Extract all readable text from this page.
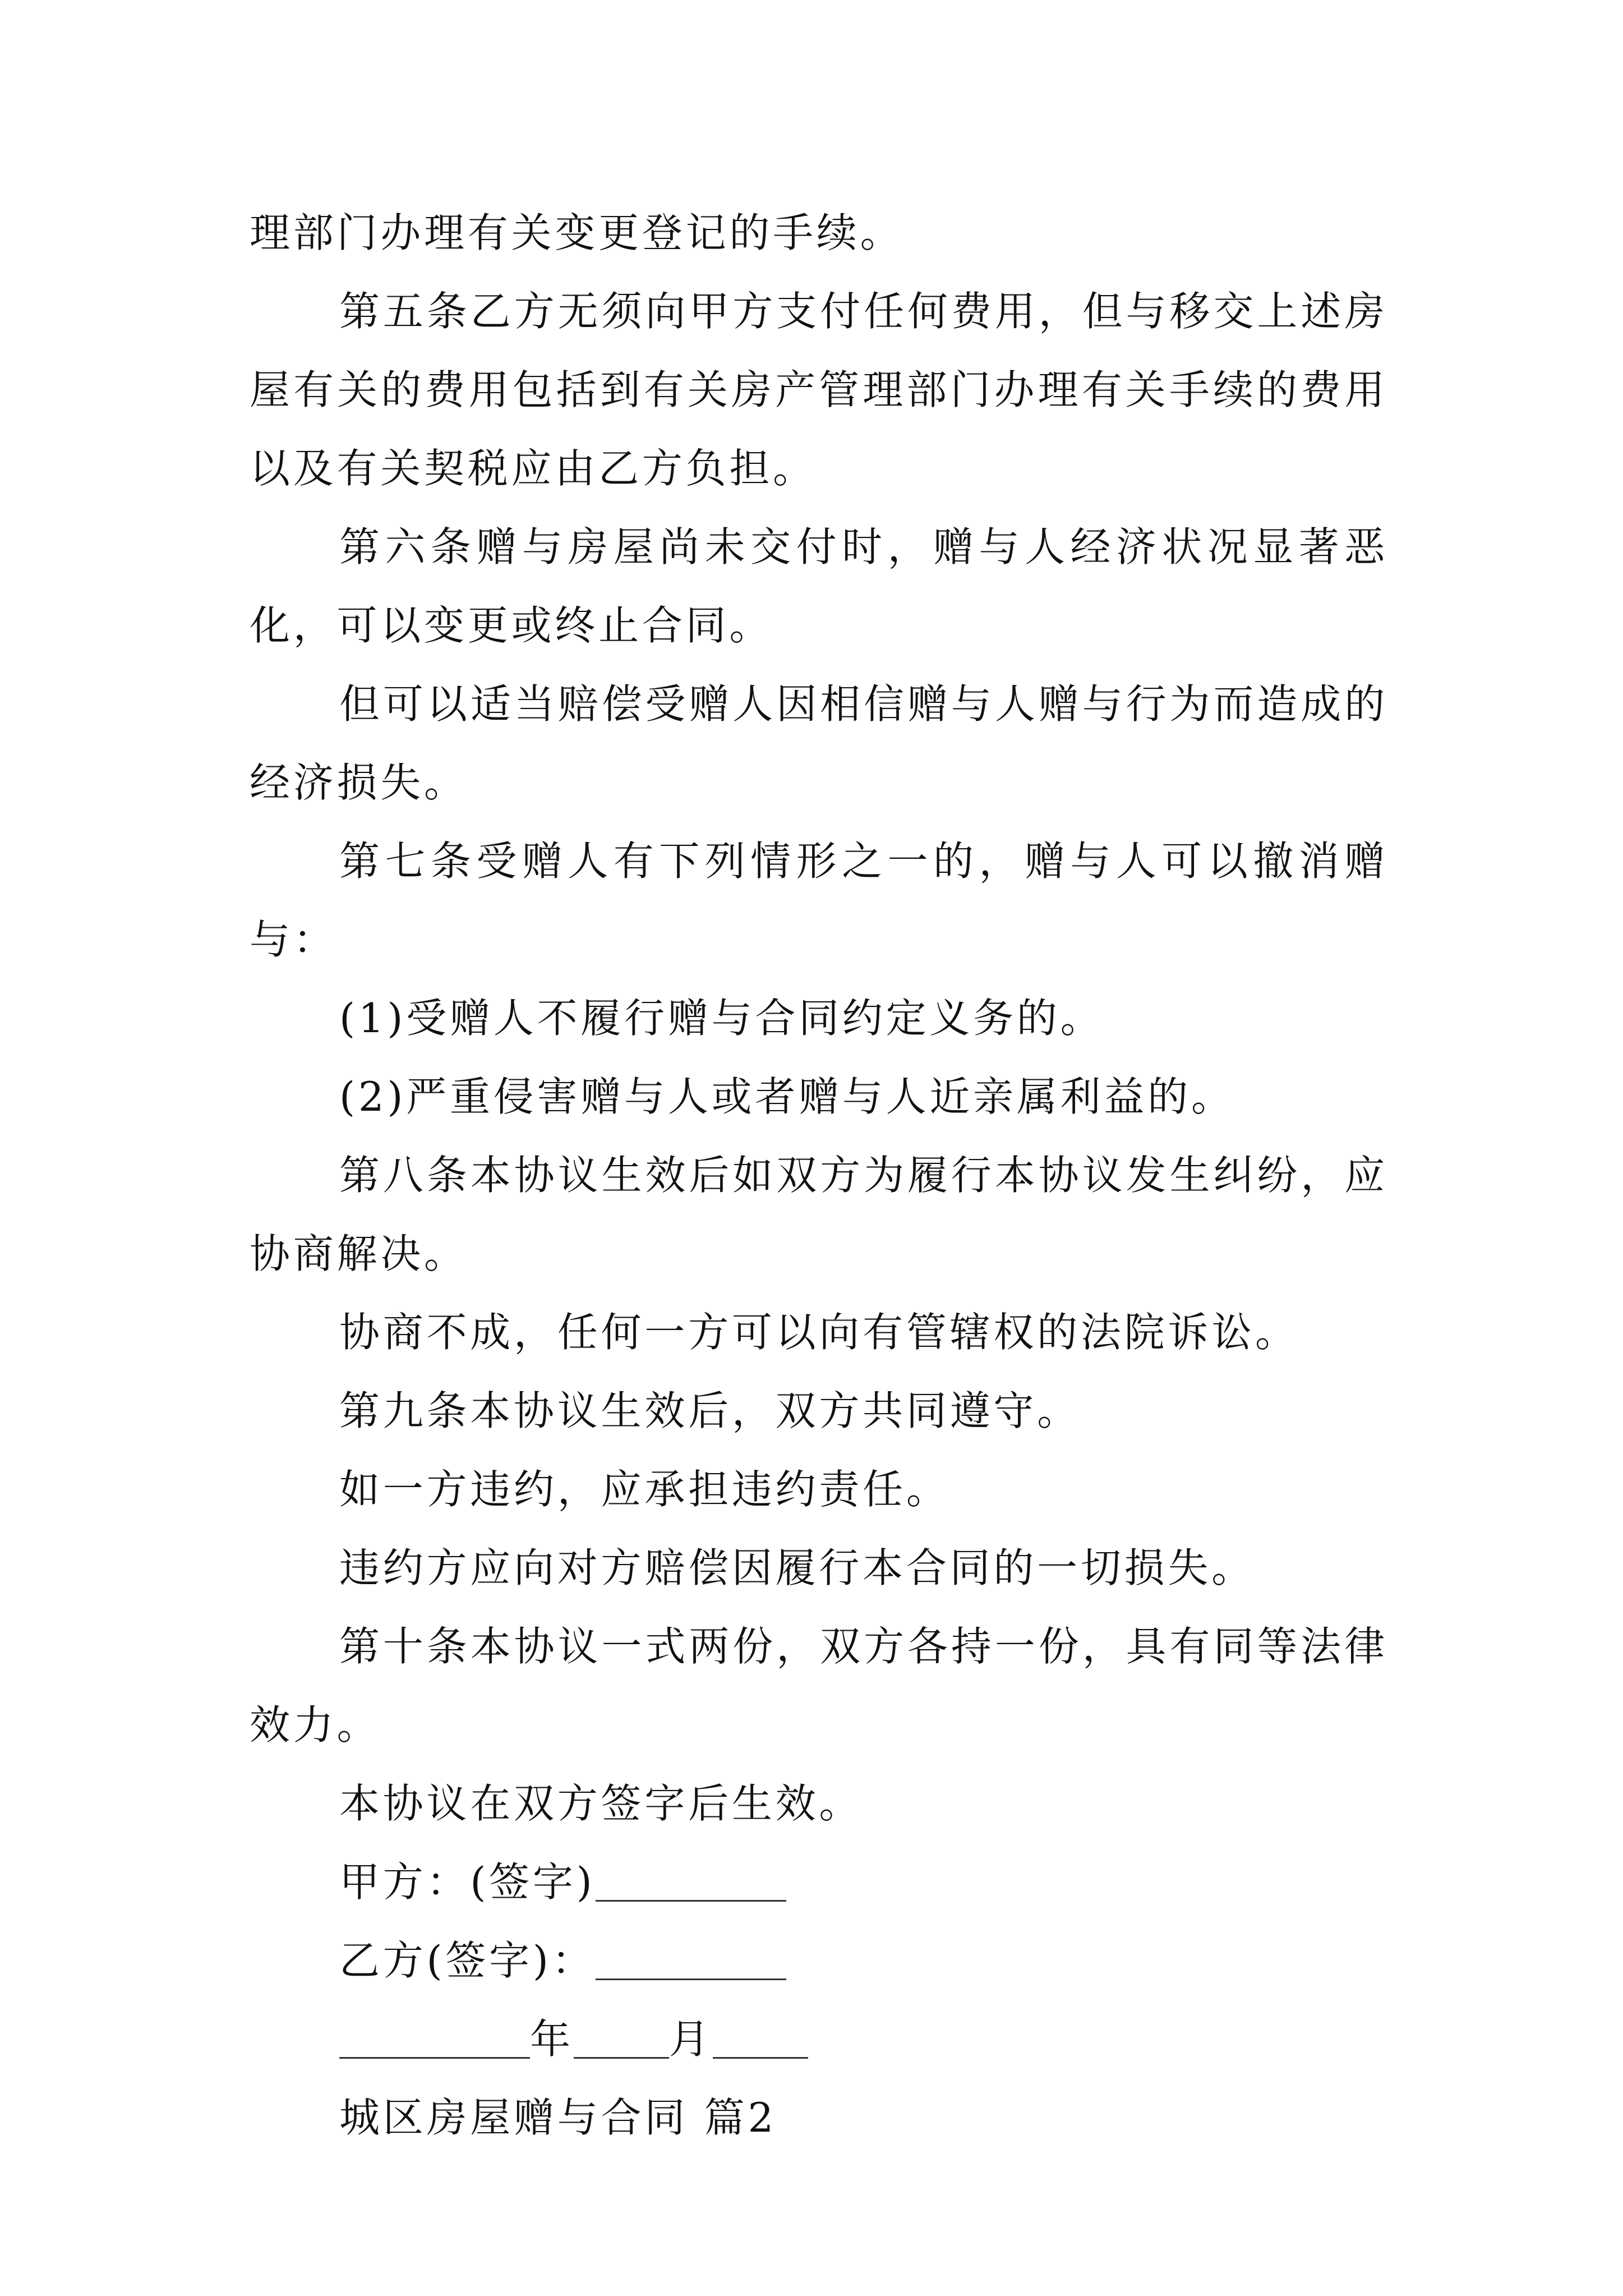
理部门办理有关变更登记的手续。

第五条乙方无须向甲方支付任何费用，但与移交上述房屋有关的费用包括到有关房产管理部门办理有关手续的费用以及有关契税应由乙方负担。

第六条赠与房屋尚未交付时，赠与人经济状况显著恶化，可以变更或终止合同。

但可以适当赔偿受赠人因相信赠与人赠与行为而造成的经济损失。

第七条受赠人有下列情形之一的，赠与人可以撤消赠与：

(1)受赠人不履行赠与合同约定义务的。

(2)严重侵害赠与人或者赠与人近亲属利益的。

第八条本协议生效后如双方为履行本协议发生纠纷，应协商解决。

协商不成，任何一方可以向有管辖权的法院诉讼。

第九条本协议生效后，双方共同遵守。

如一方违约，应承担违约责任。

违约方应向对方赔偿因履行本合同的一切损失。

第十条本协议一式两份，双方各持一份，具有同等法律效力。

本协议在双方签字后生效。

甲方：(签字)

乙方(签字)：

年 月

城区房屋赠与合同 篇2
